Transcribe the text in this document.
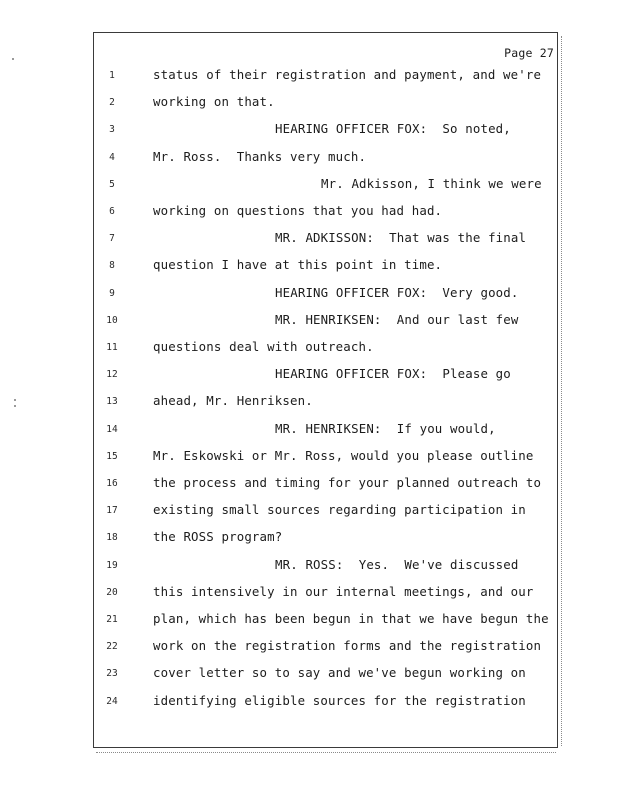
Page 27
1	status of their registration and payment, and we're
2	working on that.
3	HEARING OFFICER FOX:  So noted,
4	Mr. Ross.  Thanks very much.
5	Mr. Adkisson, I think we were
6	working on questions that you had had.
7	MR. ADKISSON:  That was the final
8	question I have at this point in time.
9	HEARING OFFICER FOX:  Very good.
10	MR. HENRIKSEN:  And our last few
11	questions deal with outreach.
12	HEARING OFFICER FOX:  Please go
13	ahead, Mr. Henriksen.
14	MR. HENRIKSEN:  If you would,
15	Mr. Eskowski or Mr. Ross, would you please outline
16	the process and timing for your planned outreach to
17	existing small sources regarding participation in
18	the ROSS program?
19	MR. ROSS:  Yes.  We've discussed
20	this intensively in our internal meetings, and our
21	plan, which has been begun in that we have begun the
22	work on the registration forms and the registration
23	cover letter so to say and we've begun working on
24	identifying eligible sources for the registration
